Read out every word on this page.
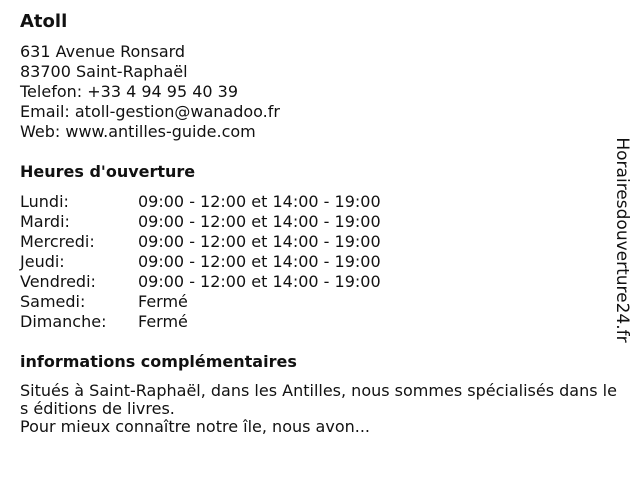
Atoll
631 Avenue Ronsard
83700 Saint-Raphaël
Telefon: +33 4 94 95 40 39
Email: atoll-gestion@wanadoo.fr
Web: www.antilles-guide.com
Heures d'ouverture
Lundi:	09:00 - 12:00 et 14:00 - 19:00
Mardi:	09:00 - 12:00 et 14:00 - 19:00
Mercredi:	09:00 - 12:00 et 14:00 - 19:00
Jeudi:	09:00 - 12:00 et 14:00 - 19:00
Vendredi:	09:00 - 12:00 et 14:00 - 19:00
Samedi:	Fermé
Dimanche:	Fermé
informations complémentaires

Situés à Saint-Raphaël, dans les Antilles, nous sommes spécialisés dans les éditions de livres.

Pour mieux connaître notre île, nous avon...

Horairesdouverture24.fr
